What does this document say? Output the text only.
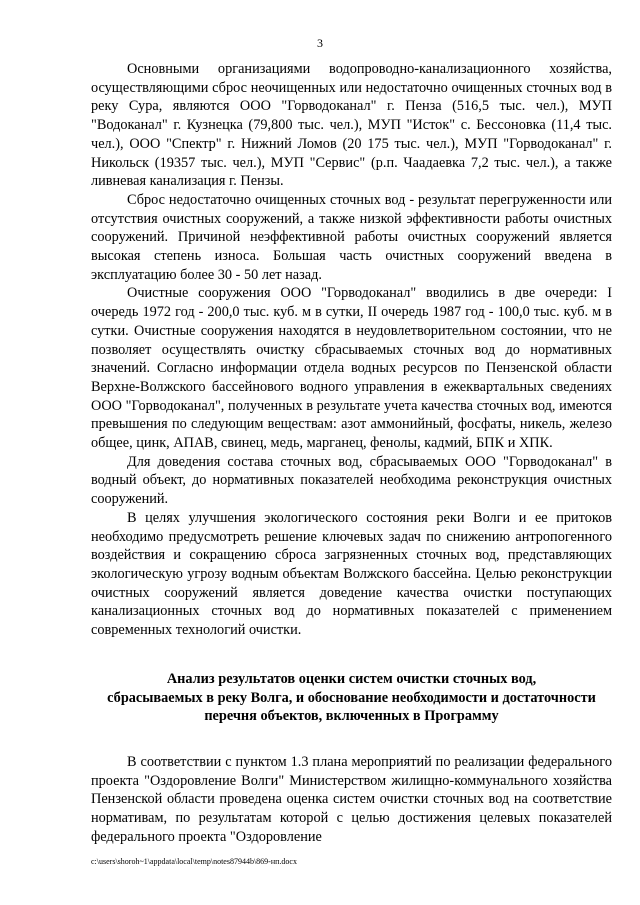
3

Основными организациями водопроводно-канализационного хозяйства, осуществляющими сброс неочищенных или недостаточно очищенных сточных вод в реку Сура, являются ООО "Горводоканал" г. Пенза (516,5 тыс. чел.), МУП "Водоканал" г. Кузнецка (79,800 тыс. чел.), МУП "Исток" с. Бессоновка (11,4 тыс. чел.), ООО "Спектр" г. Нижний Ломов (20 175 тыс. чел.), МУП "Горводоканал" г. Никольск (19357 тыс. чел.), МУП "Сервис" (р.п. Чаадаевка 7,2 тыс. чел.), а также ливневая канализация г. Пензы.

Сброс недостаточно очищенных сточных вод - результат перегруженности или отсутствия очистных сооружений, а также низкой эффективности работы очистных сооружений. Причиной неэффективной работы очистных сооружений является высокая степень износа. Большая часть очистных сооружений введена в эксплуатацию более 30 - 50 лет назад.

Очистные сооружения ООО "Горводоканал" вводились в две очереди: I очередь 1972 год - 200,0 тыс. куб. м в сутки, II очередь 1987 год - 100,0 тыс. куб. м в сутки. Очистные сооружения находятся в неудовлетворительном состоянии, что не позволяет осуществлять очистку сбрасываемых сточных вод до нормативных значений. Согласно информации отдела водных ресурсов по Пензенской области Верхне-Волжского бассейнового водного управления в ежеквартальных сведениях ООО "Горводоканал", полученных в результате учета качества сточных вод, имеются превышения по следующим веществам: азот аммонийный, фосфаты, никель, железо общее, цинк, АПАВ, свинец, медь, марганец, фенолы, кадмий, БПК и ХПК.

Для доведения состава сточных вод, сбрасываемых ООО "Горводоканал" в водный объект, до нормативных показателей необходима реконструкция очистных сооружений.

В целях улучшения экологического состояния реки Волги и ее притоков необходимо предусмотреть решение ключевых задач по снижению антропогенного воздействия и сокращению сброса загрязненных сточных вод, представляющих экологическую угрозу водным объектам Волжского бассейна. Целью реконструкции очистных сооружений является доведение качества очистки поступающих канализационных сточных вод до нормативных показателей с применением современных технологий очистки.

Анализ результатов оценки систем очистки сточных вод,
сбрасываемых в реку Волга, и обоснование необходимости и достаточности
перечня объектов, включенных в Программу

В соответствии с пунктом 1.3 плана мероприятий по реализации федерального проекта "Оздоровление Волги" Министерством жилищно-коммунального хозяйства Пензенской области проведена оценка систем очистки сточных вод на соответствие нормативам, по результатам которой с целью достижения целевых показателей федерального проекта "Оздоровление

c:\users\shoroh~1\appdata\local\temp\notes87944b\869-нп.docx
